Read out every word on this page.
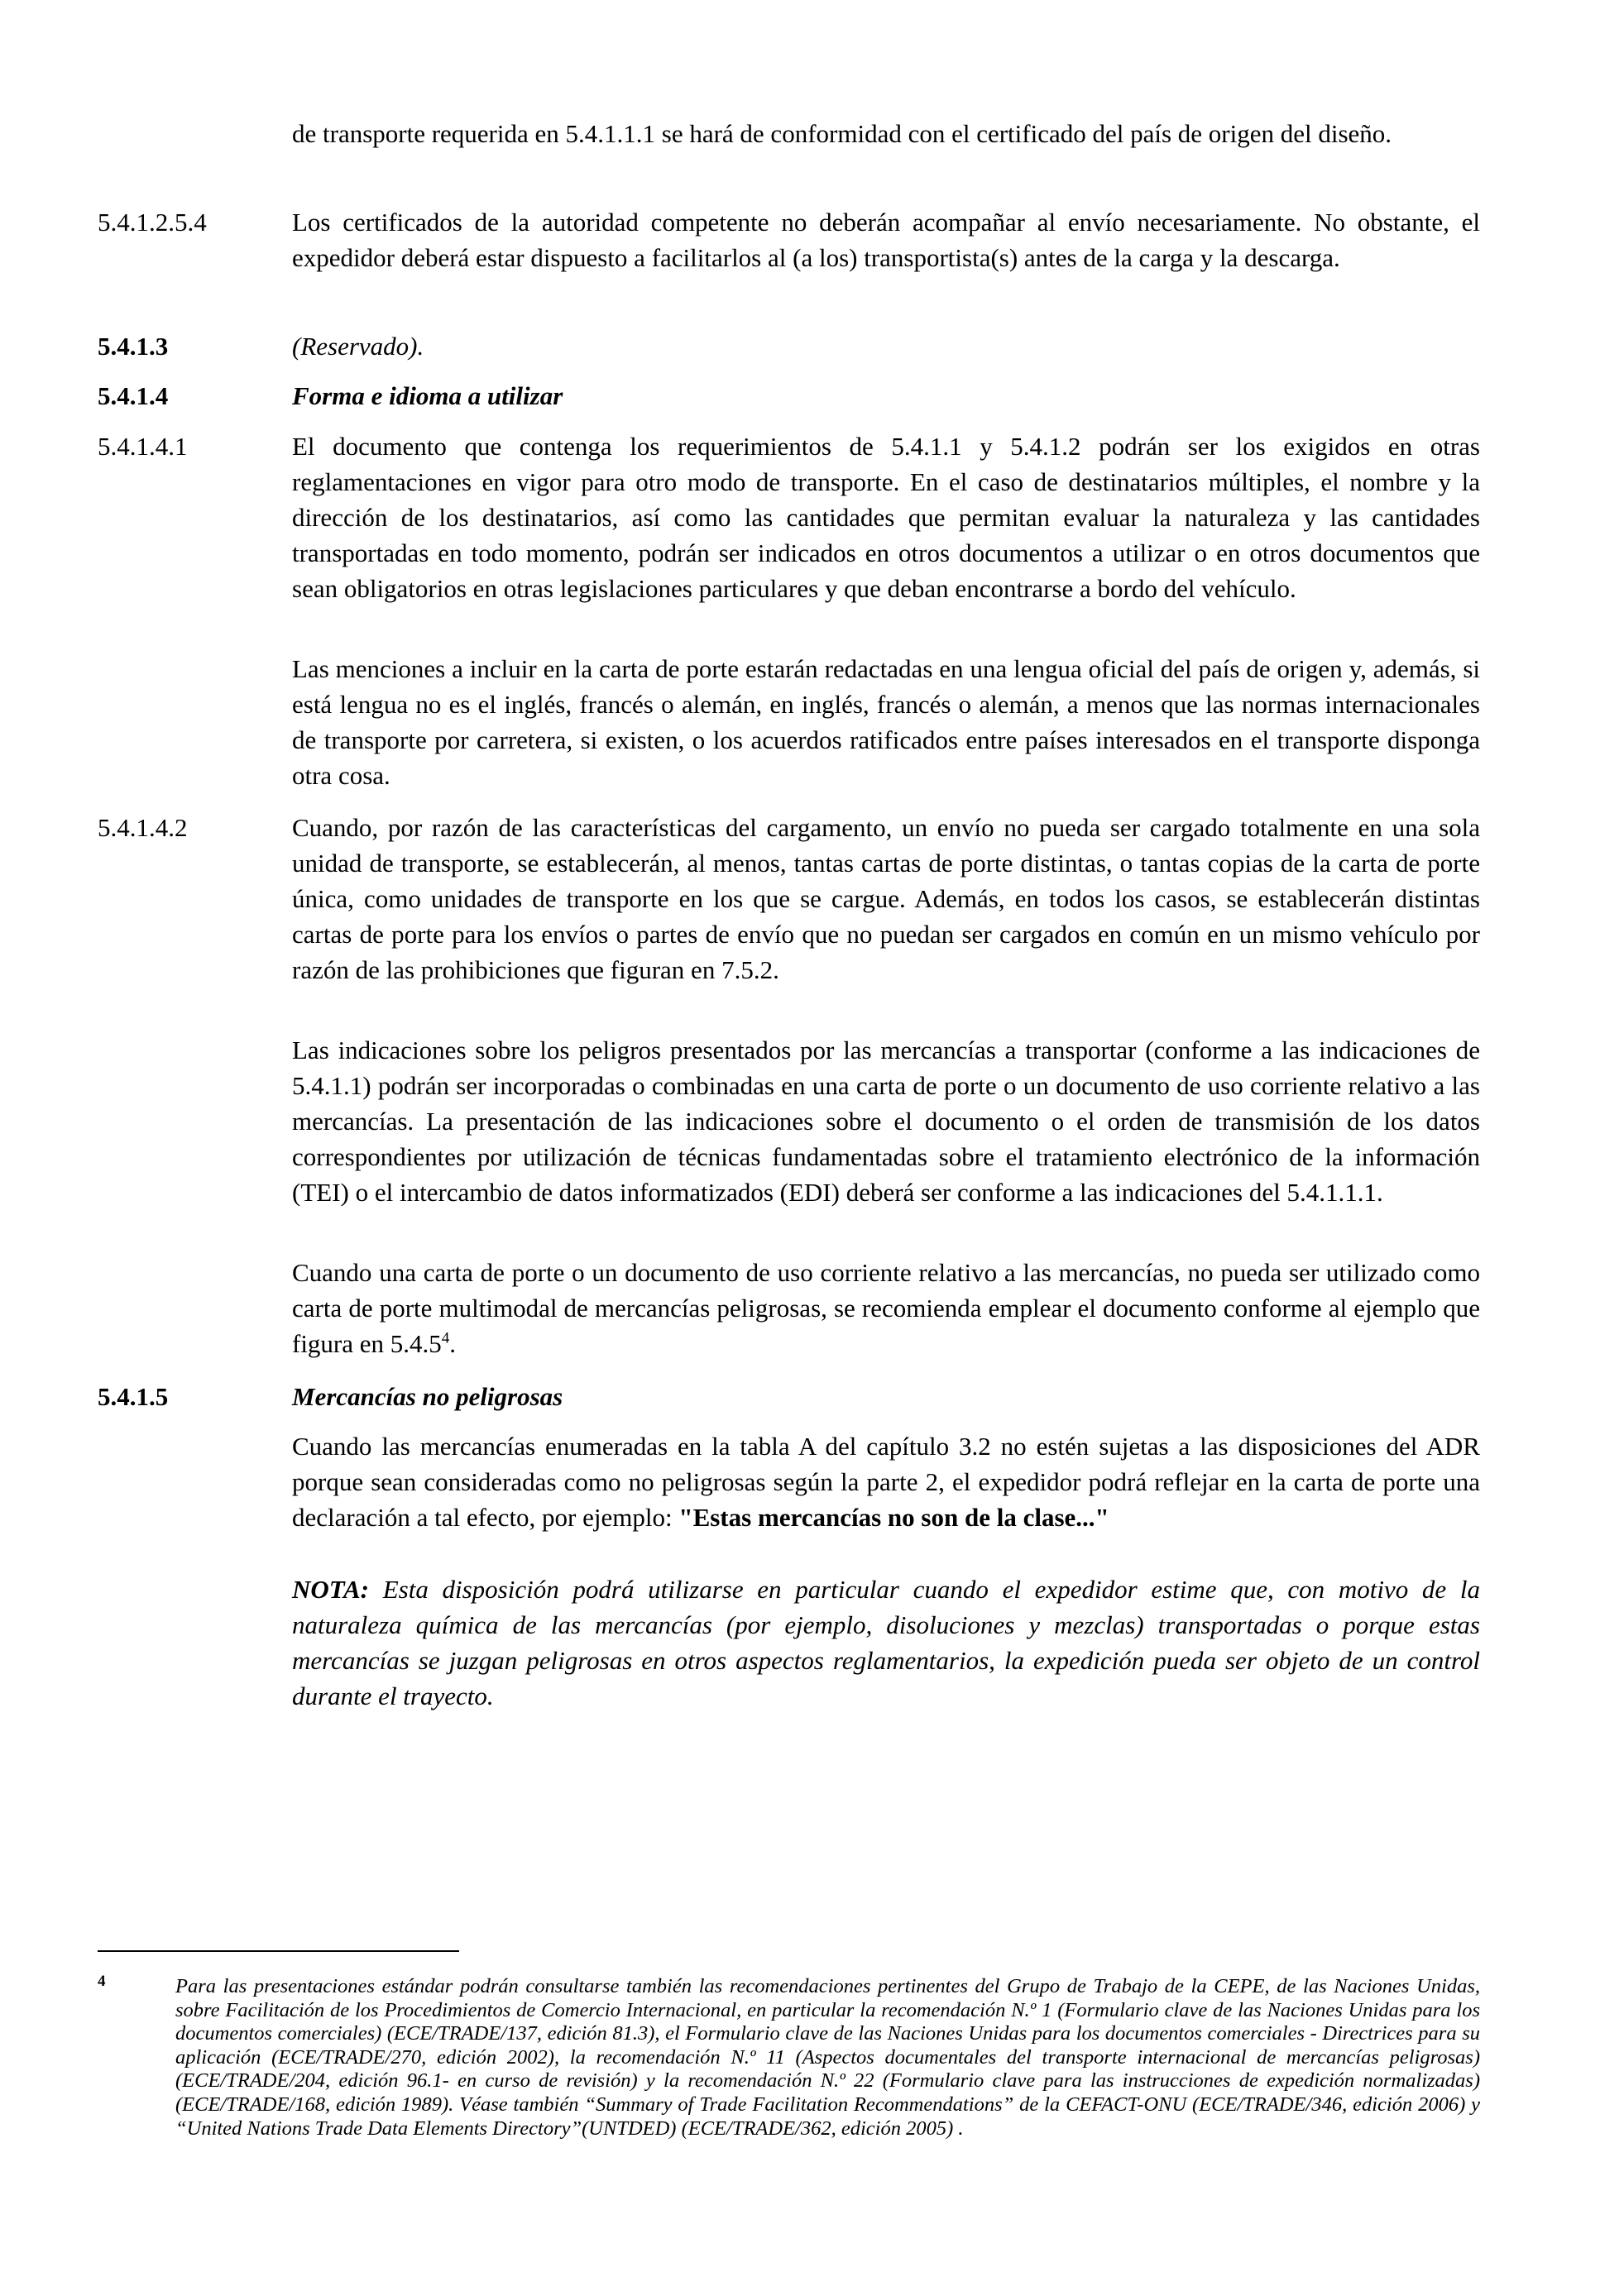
de transporte requerida en 5.4.1.1.1 se hará de conformidad con el certificado del país de origen del diseño.
5.4.1.2.5.4	Los certificados de la autoridad competente no deberán acompañar al envío necesariamente. No obstante, el expedidor deberá estar dispuesto a facilitarlos al (a los) transportista(s) antes de la carga y la descarga.
5.4.1.3	(Reservado).
5.4.1.4	Forma e idioma a utilizar
5.4.1.4.1	El documento que contenga los requerimientos de 5.4.1.1 y 5.4.1.2 podrán ser los exigidos en otras reglamentaciones en vigor para otro modo de transporte. En el caso de destinatarios múltiples, el nombre y la dirección de los destinatarios, así como las cantidades que permitan evaluar la naturaleza y las cantidades transportadas en todo momento, podrán ser indicados en otros documentos a utilizar o en otros documentos que sean obligatorios en otras legislaciones particulares y que deban encontrarse a bordo del vehículo.
Las menciones a incluir en la carta de porte estarán redactadas en una lengua oficial del país de origen y, además, si está lengua no es el inglés, francés o alemán, en inglés, francés o alemán, a menos que las normas internacionales de transporte por carretera, si existen, o los acuerdos ratificados entre países interesados en el transporte disponga otra cosa.
5.4.1.4.2	Cuando, por razón de las características del cargamento, un envío no pueda ser cargado totalmente en una sola unidad de transporte, se establecerán, al menos, tantas cartas de porte distintas, o tantas copias de la carta de porte única, como unidades de transporte en los que se cargue. Además, en todos los casos, se establecerán distintas cartas de porte para los envíos o partes de envío que no puedan ser cargados en común en un mismo vehículo por razón de las prohibiciones que figuran en 7.5.2.
Las indicaciones sobre los peligros presentados por las mercancías a transportar (conforme a las indicaciones de 5.4.1.1) podrán ser incorporadas o combinadas en una carta de porte o un documento de uso corriente relativo a las mercancías. La presentación de las indicaciones sobre el documento o el orden de transmisión de los datos correspondientes por utilización de técnicas fundamentadas sobre el tratamiento electrónico de la información (TEI) o el intercambio de datos informatizados (EDI) deberá ser conforme a las indicaciones del 5.4.1.1.1.
Cuando una carta de porte o un documento de uso corriente relativo a las mercancías, no pueda ser utilizado como carta de porte multimodal de mercancías peligrosas, se recomienda emplear el documento conforme al ejemplo que figura en 5.4.5$^4$.
5.4.1.5	Mercancías no peligrosas
Cuando las mercancías enumeradas en la tabla A del capítulo 3.2 no estén sujetas a las disposiciones del ADR porque sean consideradas como no peligrosas según la parte 2, el expedidor podrá reflejar en la carta de porte una declaración a tal efecto, por ejemplo: "Estas mercancías no son de la clase..."
NOTA: Esta disposición podrá utilizarse en particular cuando el expedidor estime que, con motivo de la naturaleza química de las mercancías (por ejemplo, disoluciones y mezclas) transportadas o porque estas mercancías se juzgan peligrosas en otros aspectos reglamentarios, la expedición pueda ser objeto de un control durante el trayecto.
4	Para las presentaciones estándar podrán consultarse también las recomendaciones pertinentes del Grupo de Trabajo de la CEPE, de las Naciones Unidas, sobre Facilitación de los Procedimientos de Comercio Internacional, en particular la recomendación N.º 1 (Formulario clave de las Naciones Unidas para los documentos comerciales) (ECE/TRADE/137, edición 81.3), el Formulario clave de las Naciones Unidas para los documentos comerciales - Directrices para su aplicación (ECE/TRADE/270, edición 2002), la recomendación N.º 11 (Aspectos documentales del transporte internacional de mercancías peligrosas) (ECE/TRADE/204, edición 96.1- en curso de revisión) y la recomendación N.º 22 (Formulario clave para las instrucciones de expedición normalizadas) (ECE/TRADE/168, edición 1989). Véase también “Summary of Trade Facilitation Recommendations” de la CEFACT-ONU (ECE/TRADE/346, edición 2006) y “United Nations Trade Data Elements Directory”(UNTDED) (ECE/TRADE/362, edición 2005) .
